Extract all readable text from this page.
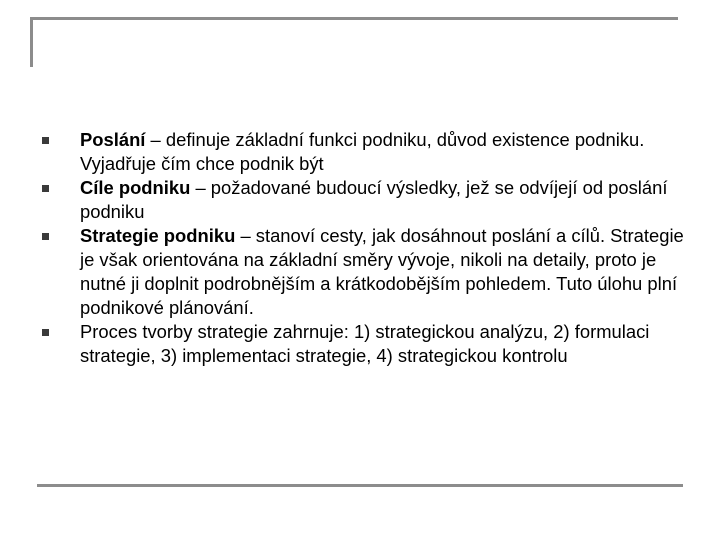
Poslání – definuje základní funkci podniku, důvod existence podniku. Vyjadřuje čím chce podnik být
Cíle podniku – požadované budoucí výsledky, jež se odvíjejí od poslání podniku
Strategie podniku – stanoví cesty, jak dosáhnout poslání a cílů. Strategie je však orientována na základní směry vývoje, nikoli na detaily, proto je nutné ji doplnit podrobnějším a krátkodobějším pohledem. Tuto úlohu plní podnikové plánování.
Proces tvorby strategie zahrnuje: 1) strategickou analýzu, 2) formulaci strategie, 3) implementaci strategie, 4) strategickou kontrolu
